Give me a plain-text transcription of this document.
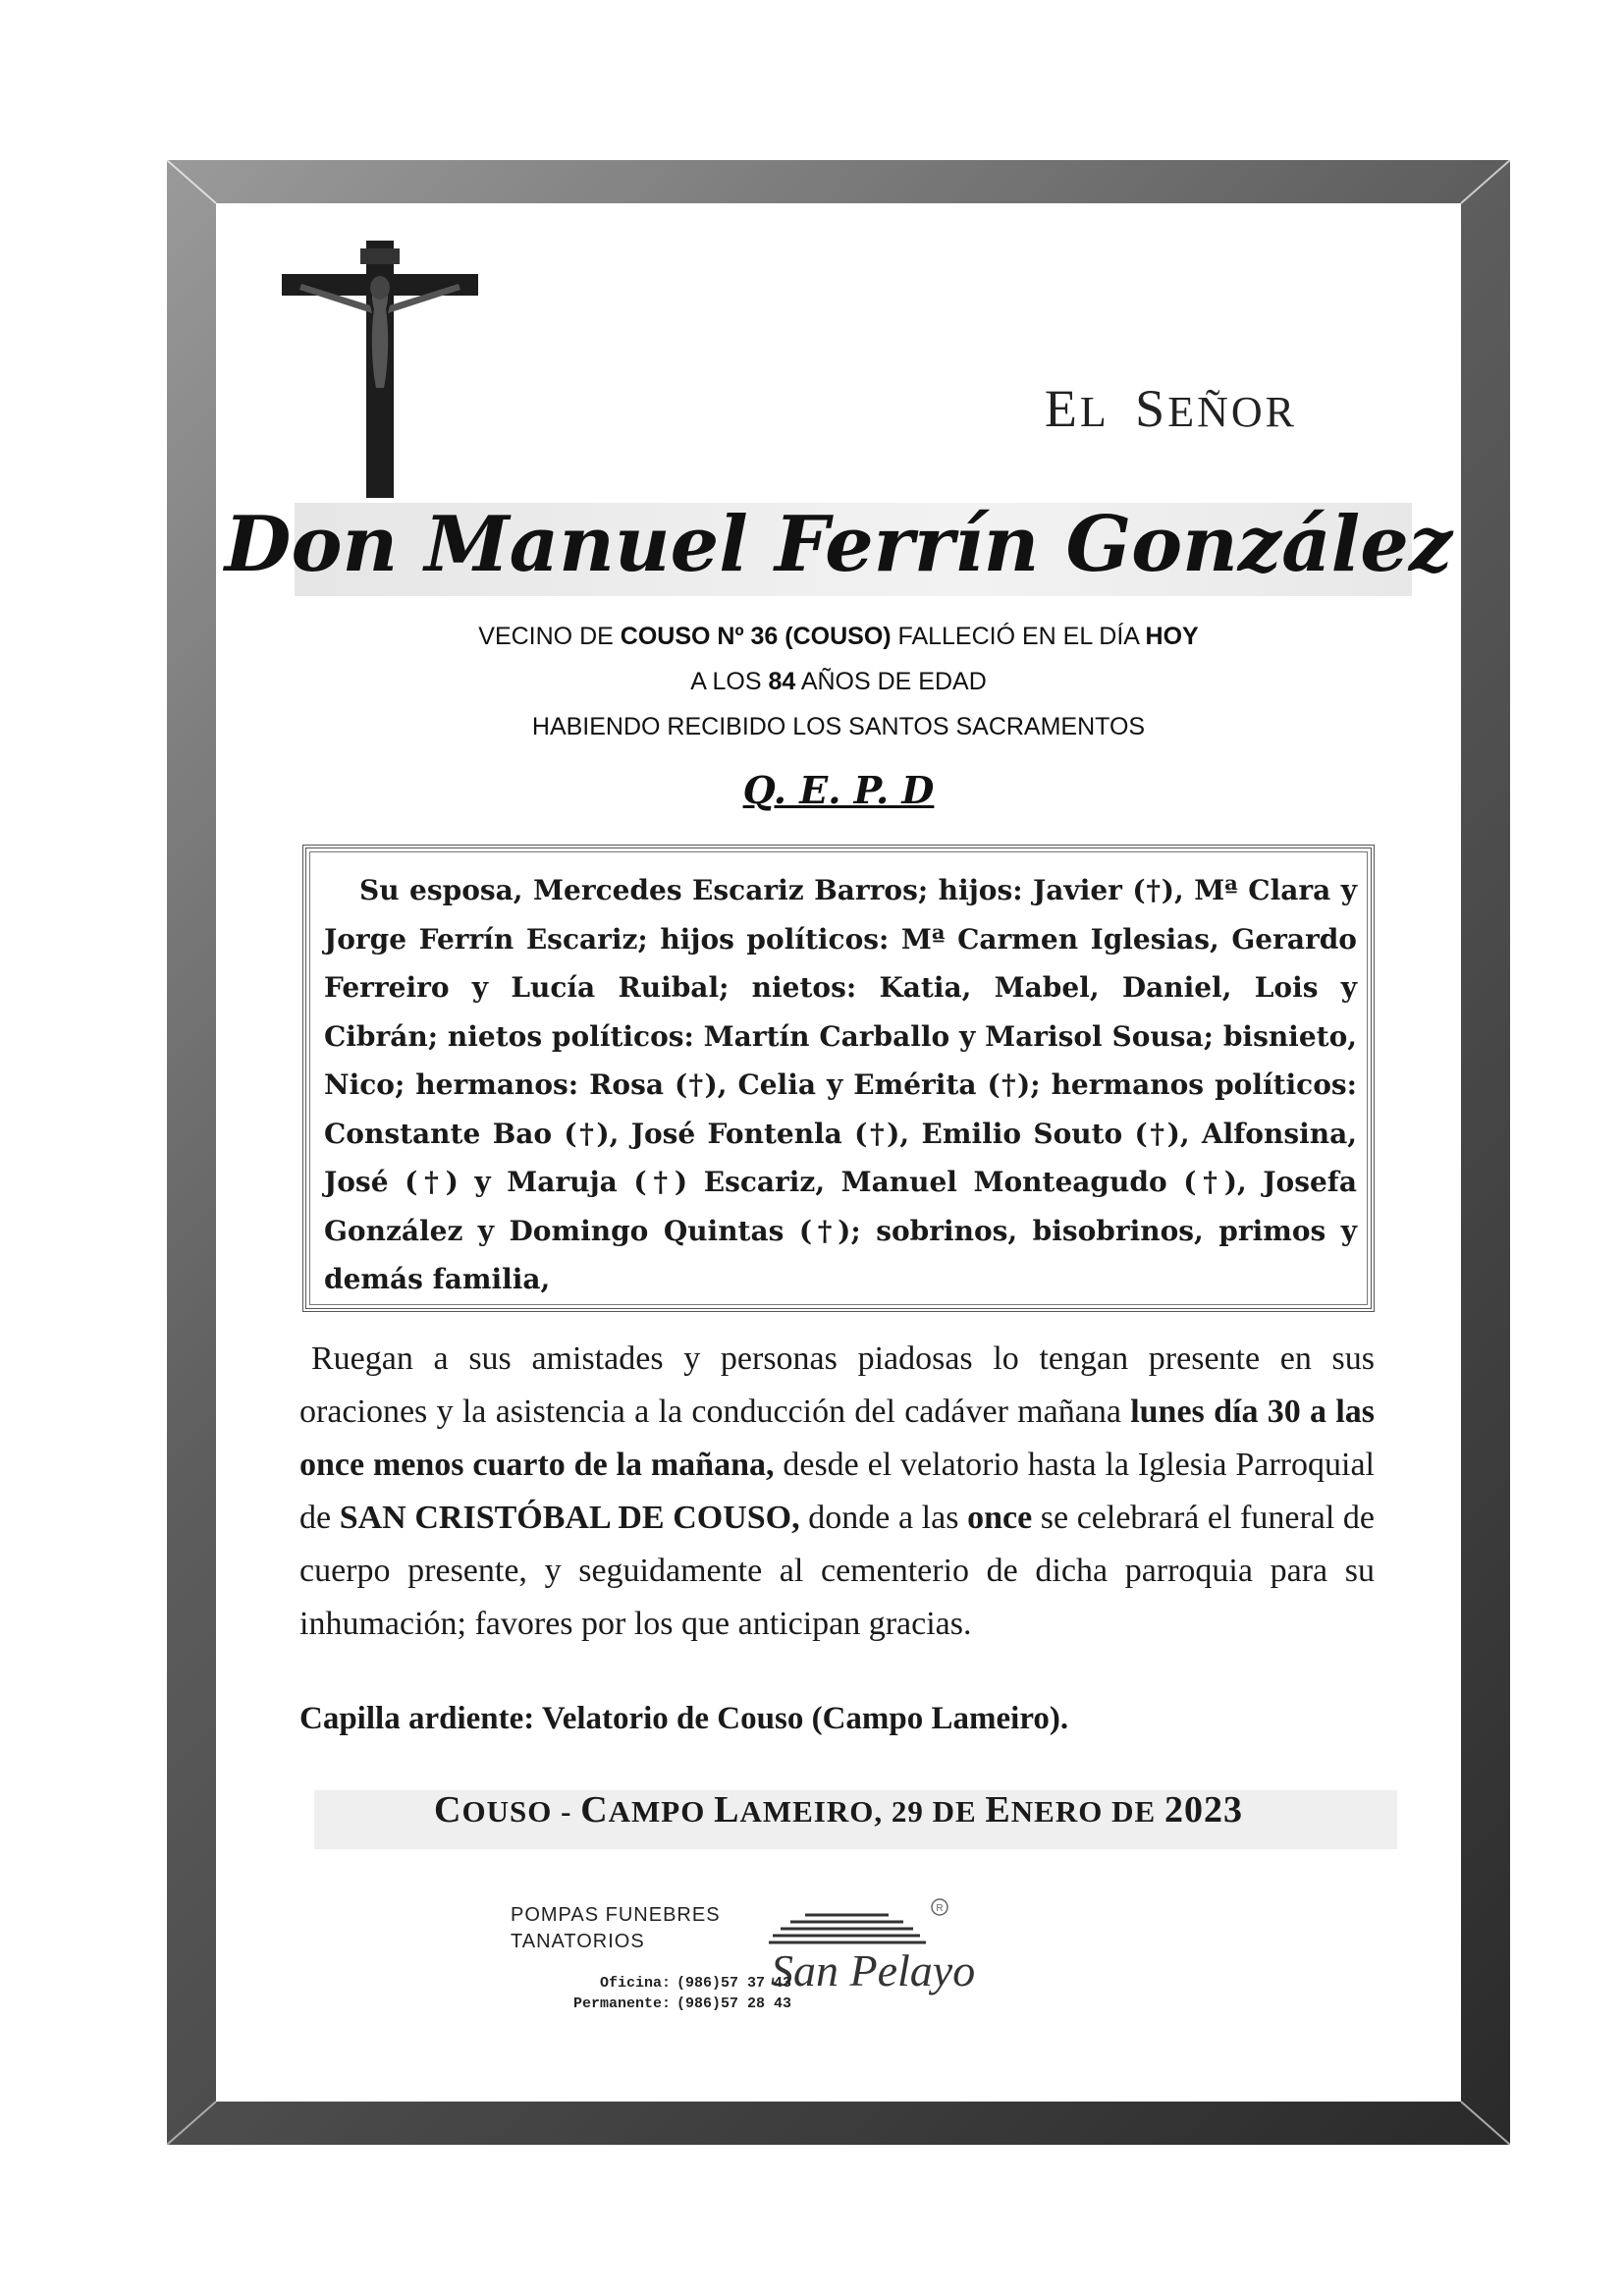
EL SEÑOR
Don Manuel Ferrín González
VECINO DE COUSO Nº 36 (COUSO) FALLECIÓ EN EL DÍA HOY
A LOS 84 AÑOS DE EDAD
HABIENDO RECIBIDO LOS SANTOS SACRAMENTOS
Q. E. P. D

Su esposa, Mercedes Escariz Barros; hijos: Javier (†), Mª Clara y Jorge Ferrín Escariz; hijos políticos: Mª Carmen Iglesias, Gerardo Ferreiro y Lucía Ruibal; nietos: Katia, Mabel, Daniel, Lois y Cibrán; nietos políticos: Martín Carballo y Marisol Sousa; bisnieto, Nico; hermanos: Rosa (†), Celia y Emérita (†); hermanos políticos: Constante Bao (†), José Fontenla (†), Emilio Souto (†), Alfonsina, José (†) y Maruja (†) Escariz, Manuel Monteagudo (†), Josefa González y Domingo Quintas (†); sobrinos, bisobrinos, primos y demás familia,

Ruegan a sus amistades y personas piadosas lo tengan presente en sus oraciones y la asistencia a la conducción del cadáver mañana lunes día 30 a las once menos cuarto de la mañana, desde el velatorio hasta la Iglesia Parroquial de SAN CRISTÓBAL DE COUSO, donde a las once se celebrará el funeral de cuerpo presente, y seguidamente al cementerio de dicha parroquia para su inhumación; favores por los que anticipan gracias.

Capilla ardiente: Velatorio de Couso (Campo Lameiro).
COUSO - CAMPO LAMEIRO, 29 DE ENERO DE 2023
POMPAS FUNEBRES
TANATORIOS
R
San Pelayo
Oficina: (986)57 37 43
Permanente: (986)57 28 43
